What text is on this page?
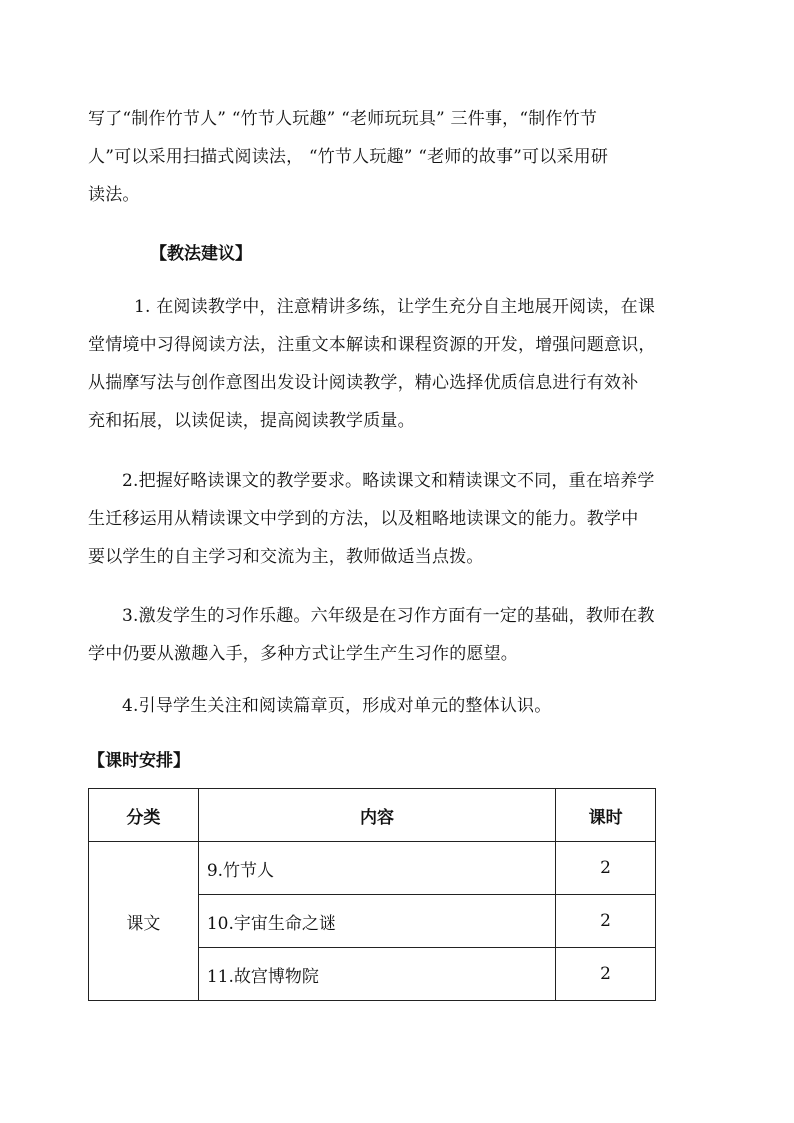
写了“制作竹节人” “竹节人玩趣” “老师玩玩具” 三件事，“制作竹节
人”可以采用扫描式阅读法， “竹节人玩趣” “老师的故事”可以采用研
读法。
【教法建议】
1. 在阅读教学中，注意精讲多练，让学生充分自主地展开阅读，在课
堂情境中习得阅读方法，注重文本解读和课程资源的开发，增强问题意识，
从揣摩写法与创作意图出发设计阅读教学，精心选择优质信息进行有效补
充和拓展，以读促读，提高阅读教学质量。
2.把握好略读课文的教学要求。略读课文和精读课文不同，重在培养学
生迁移运用从精读课文中学到的方法，以及粗略地读课文的能力。教学中
要以学生的自主学习和交流为主，教师做适当点拨。
3.激发学生的习作乐趣。六年级是在习作方面有一定的基础，教师在教
学中仍要从激趣入手，多种方式让学生产生习作的愿望。
4.引导学生关注和阅读篇章页，形成对单元的整体认识。
【课时安排】
分类	内容	课时
课文	9.竹节人	2
	10.宇宙生命之谜	2
	11.故宫博物院	2
